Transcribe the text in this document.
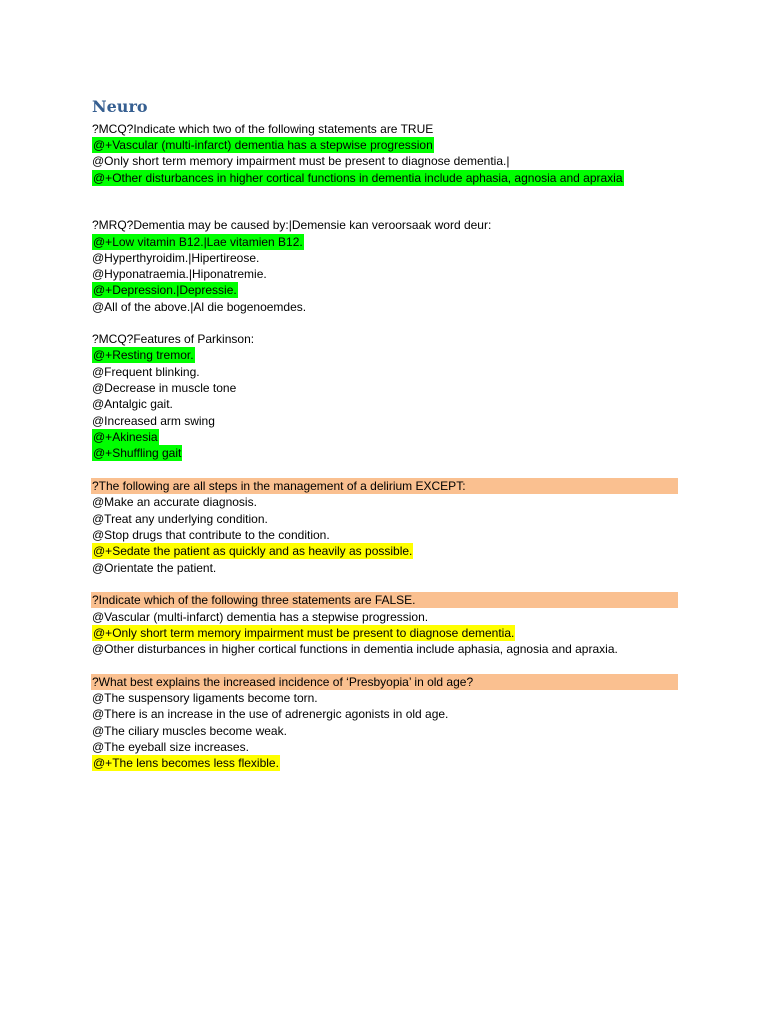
Neuro
?MCQ?Indicate which two of the following statements are TRUE
@+Vascular (multi-infarct) dementia has a stepwise progression
@Only short term memory impairment must be present to diagnose dementia.|
@+Other disturbances in higher cortical functions in dementia include aphasia, agnosia and apraxia
?MRQ?Dementia may be caused by:|Demensie kan veroorsaak word deur:
@+Low vitamin B12.|Lae vitamien B12.
@Hyperthyroidim.|Hipertireose.
@Hyponatraemia.|Hiponatremie.
@+Depression.|Depressie.
@All of the above.|Al die bogenoemdes.
?MCQ?Features of Parkinson:
@+Resting tremor.
@Frequent blinking.
@Decrease in muscle tone
@Antalgic gait.
@Increased arm swing
@+Akinesia
@+Shuffling gait
?The following are all steps in the management of a delirium EXCEPT:
@Make an accurate diagnosis.
@Treat any underlying condition.
@Stop drugs that contribute to the condition.
@+Sedate the patient as quickly and as heavily as possible.
@Orientate the patient.
?Indicate which of the following three statements are FALSE.
@Vascular (multi-infarct) dementia has a stepwise progression.
@+Only short term memory impairment must be present to diagnose dementia.
@Other disturbances in higher cortical functions in dementia include aphasia, agnosia and apraxia.
?What best explains the increased incidence of ‘Presbyopia’ in old age?
@The suspensory ligaments become torn.
@There is an increase in the use of adrenergic agonists in old age.
@The ciliary muscles become weak.
@The eyeball size increases.
@+The lens becomes less flexible.
